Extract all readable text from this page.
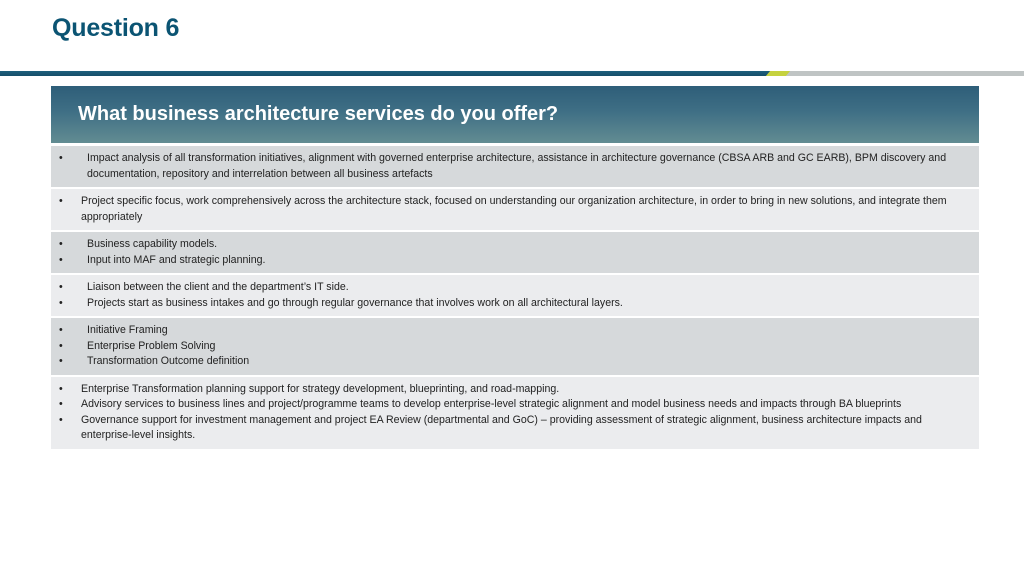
Question 6
What business architecture services do you offer?
•	Impact analysis of all transformation initiatives, alignment with governed enterprise architecture, assistance in architecture governance (CBSA ARB and GC EARB), BPM discovery and documentation, repository and interrelation between all business artefacts
•	Project specific focus, work comprehensively across the architecture stack, focused on understanding our organization architecture, in order to bring in new solutions, and integrate them appropriately
•	Business capability models.
•	Input into MAF and strategic planning.
•	Liaison between the client and the department’s IT side.
•	Projects start as business intakes and go through regular governance that involves work on all architectural layers.
•	Initiative Framing
•	Enterprise Problem Solving
•	Transformation Outcome definition
•	Enterprise Transformation planning support for strategy development, blueprinting, and road-mapping.
•	Advisory services to business lines and project/programme teams to develop enterprise-level strategic alignment and model business needs and impacts through BA blueprints
•	Governance support for investment management and project EA Review (departmental and GoC) – providing assessment of strategic alignment, business architecture impacts and enterprise-level insights.
